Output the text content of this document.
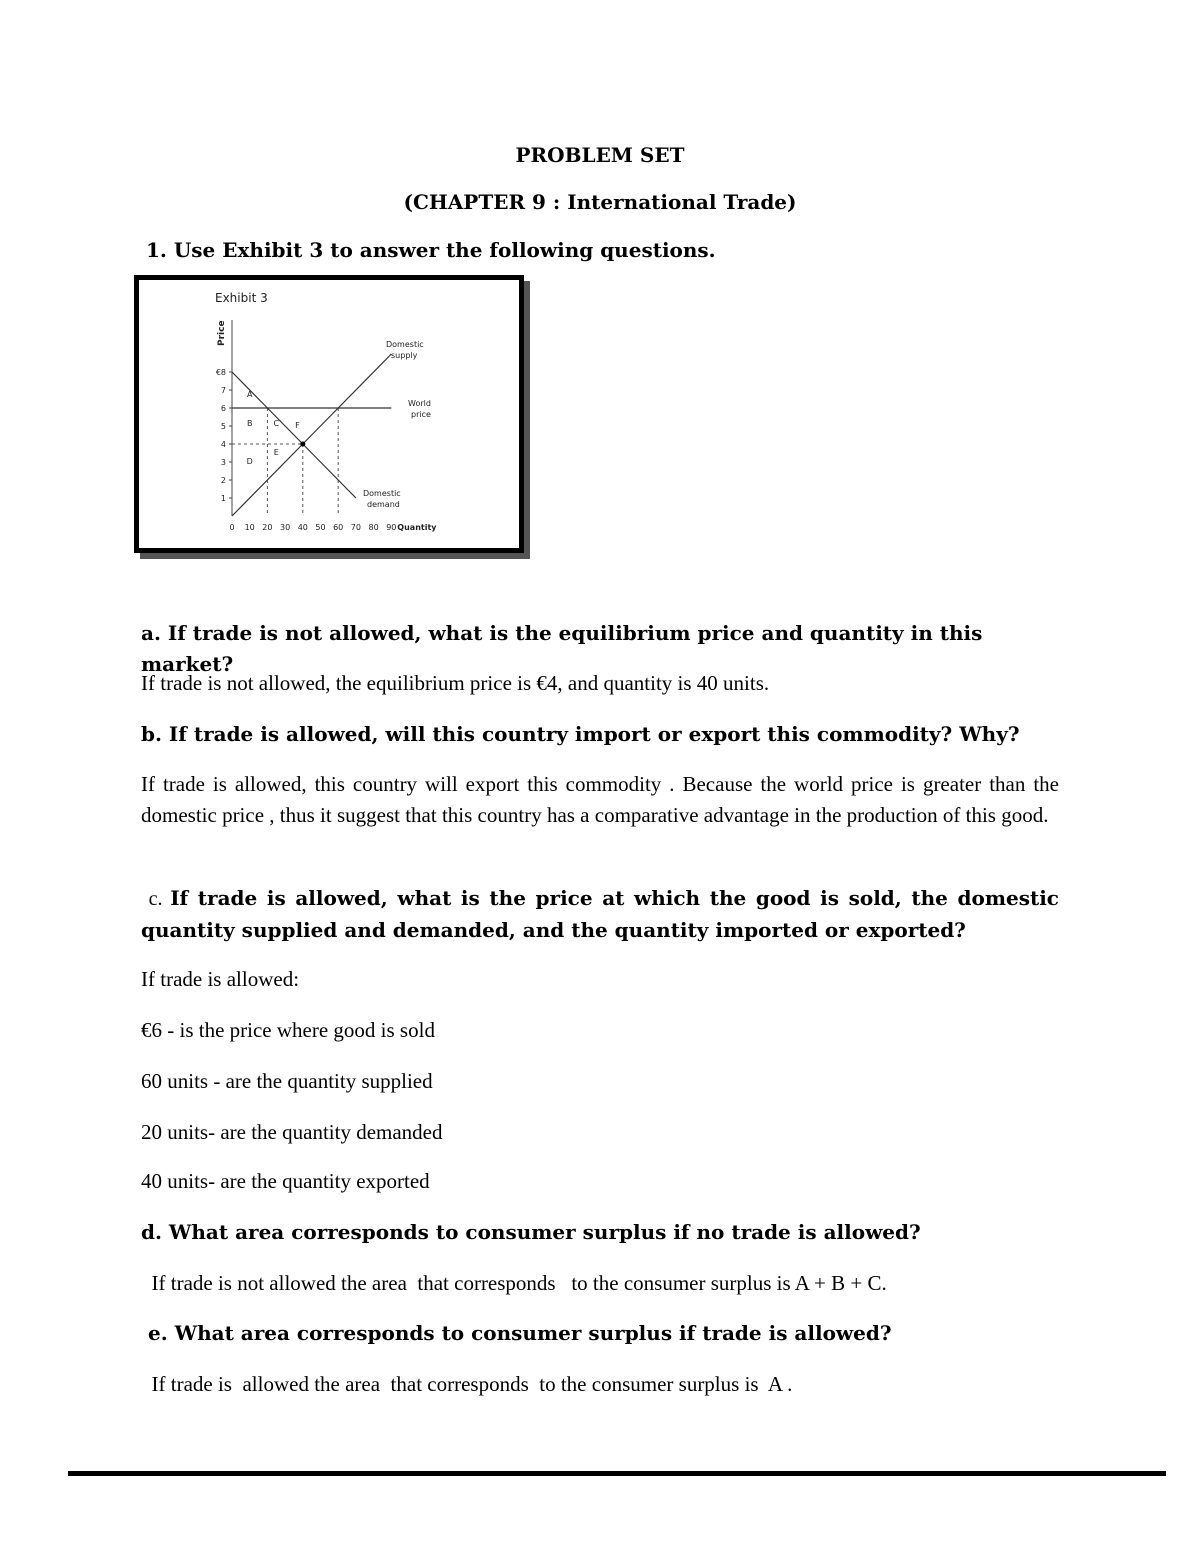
PROBLEM SET
(CHAPTER 9 : International Trade)
1. Use Exhibit 3 to answer the following questions.
Exhibit 3
Price
1
2
3
4
5
6
7
€8
0 10 20 30 40 50 60 70 80 90 Quantity
A
B	C
D
E
F
Domestic
supply
World
price
Domestic
demand
a. If trade is not allowed, what is the equilibrium price and quantity in this market?
If trade is not allowed, the equilibrium price is €4, and quantity is 40 units.
b. If trade is allowed, will this country import or export this commodity? Why?
If trade is allowed, this country will export this commodity . Because the world price is greater than the domestic price , thus it suggest that this country has a comparative advantage in the production of this good.
c. If trade is allowed, what is the price at which the good is sold, the domestic quantity supplied and demanded, and the quantity imported or exported?
If trade is allowed:
€6 - is the price where good is sold
60 units - are the quantity supplied
20 units- are the quantity demanded
40 units- are the quantity exported
d. What area corresponds to consumer surplus if no trade is allowed?
If trade is not allowed the area  that corresponds   to the consumer surplus is A + B + C.
e. What area corresponds to consumer surplus if trade is allowed?
If trade is  allowed the area  that corresponds  to the consumer surplus is  A .
